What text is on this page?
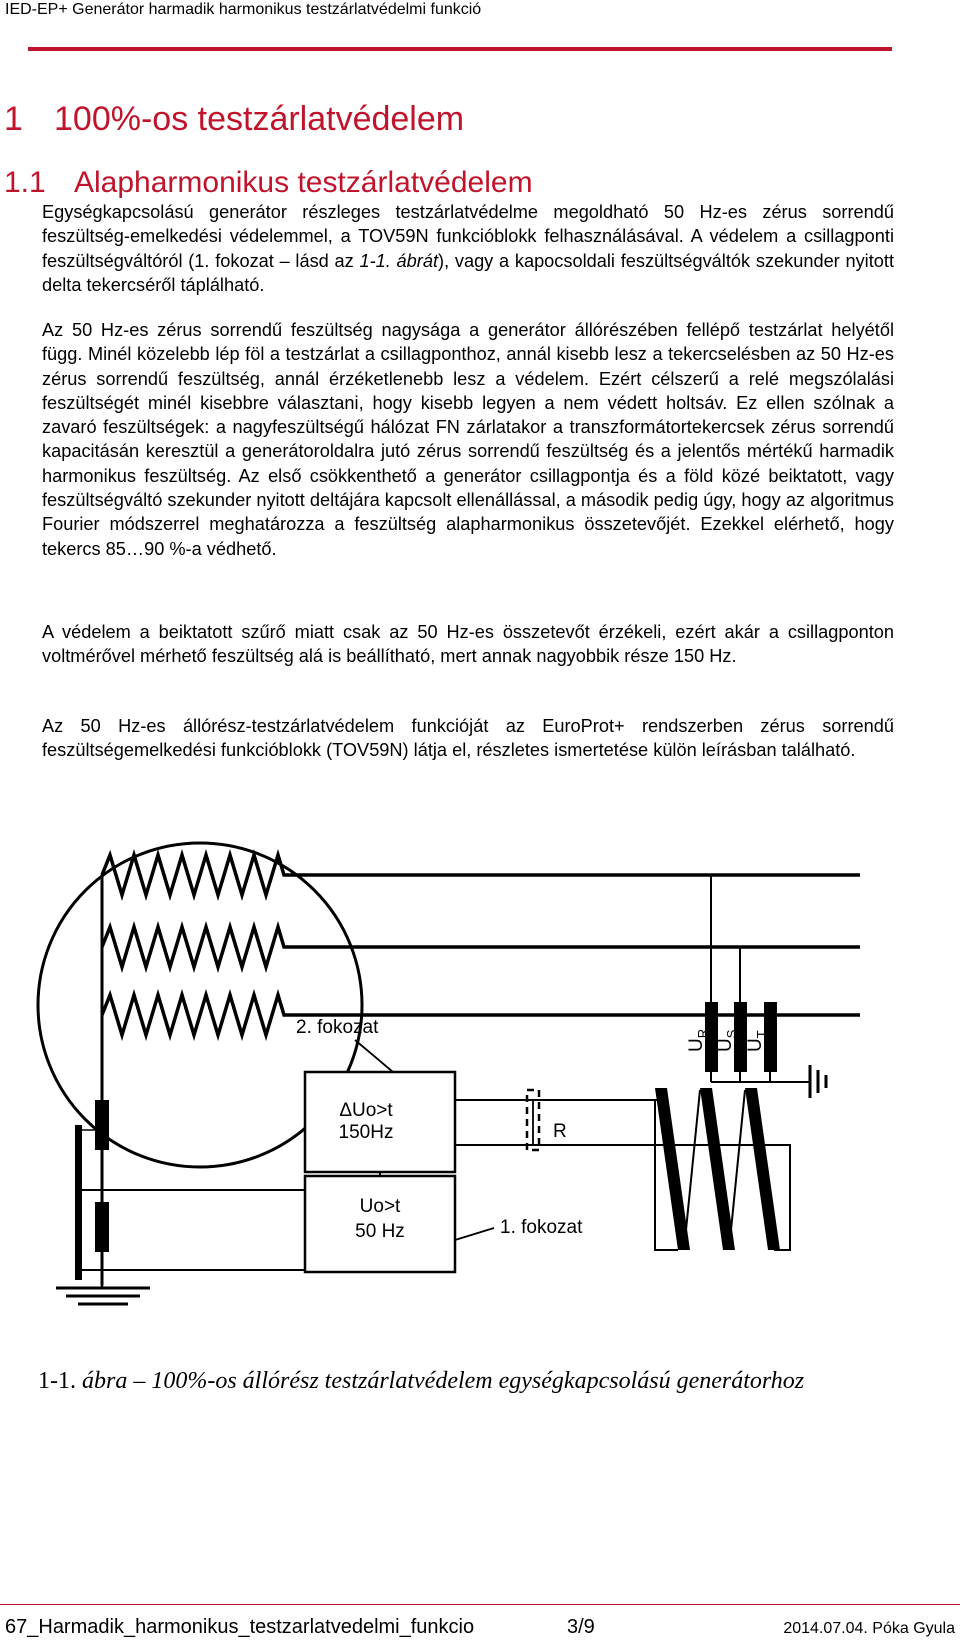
IED-EP+ Generátor harmadik harmonikus testzárlatvédelmi funkció
1 100%-os testzárlatvédelem
1.1 Alapharmonikus testzárlatvédelem

Egységkapcsolású generátor részleges testzárlatvédelme megoldható 50 Hz-es zérus sorrendű feszültség-emelkedési védelemmel, a TOV59N funkcióblokk felhasználásával. A védelem a csillagponti feszültségváltóról (1. fokozat – lásd az 1-1. ábrát), vagy a kapocsoldali feszültségváltók szekunder nyitott delta tekercséről táplálható.

Az 50 Hz-es zérus sorrendű feszültség nagysága a generátor állórészében fellépő testzárlat helyétől függ. Minél közelebb lép föl a testzárlat a csillagponthoz, annál kisebb lesz a tekercselésben az 50 Hz-es zérus sorrendű feszültség, annál érzéketlenebb lesz a védelem. Ezért célszerű a relé megszólalási feszültségét minél kisebbre választani, hogy kisebb legyen a nem védett holtsáv. Ez ellen szólnak a zavaró feszültségek: a nagyfeszültségű hálózat FN zárlatakor a transzformátortekercsek zérus sorrendű kapacitásán keresztül a generátoroldalra jutó zérus sorrendű feszültség és a jelentős mértékű harmadik harmonikus feszültség. Az első csökkenthető a generátor csillagpontja és a föld közé beiktatott, vagy feszültségváltó szekunder nyitott deltájára kapcsolt ellenállással, a második pedig úgy, hogy az algoritmus Fourier módszerrel meghatározza a feszültség alapharmonikus összetevőjét. Ezekkel elérhető, hogy tekercs 85…90 %-a védhető.

A védelem a beiktatott szűrő miatt csak az 50 Hz-es összetevőt érzékeli, ezért akár a csillagponton voltmérővel mérhető feszültség alá is beállítható, mert annak nagyobbik része 150 Hz.

Az 50 Hz-es állórész-testzárlatvédelem funkcióját az EuroProt+ rendszerben zérus sorrendű feszültségemelkedési funkcióblokk (TOV59N) látja el, részletes ismertetése külön leírásban található.

ΔUo>t
150Hz
Uo>t
50 Hz
2. fokozat
1. fokozat
R
$U_R$
$U_S$
$U_T$
1-1. ábra – 100%-os állórész testzárlatvédelem egységkapcsolású generátorhoz
67_Harmadik_harmonikus_testzarlatvedelmi_funkcio	3/9	2014.07.04. Póka Gyula
